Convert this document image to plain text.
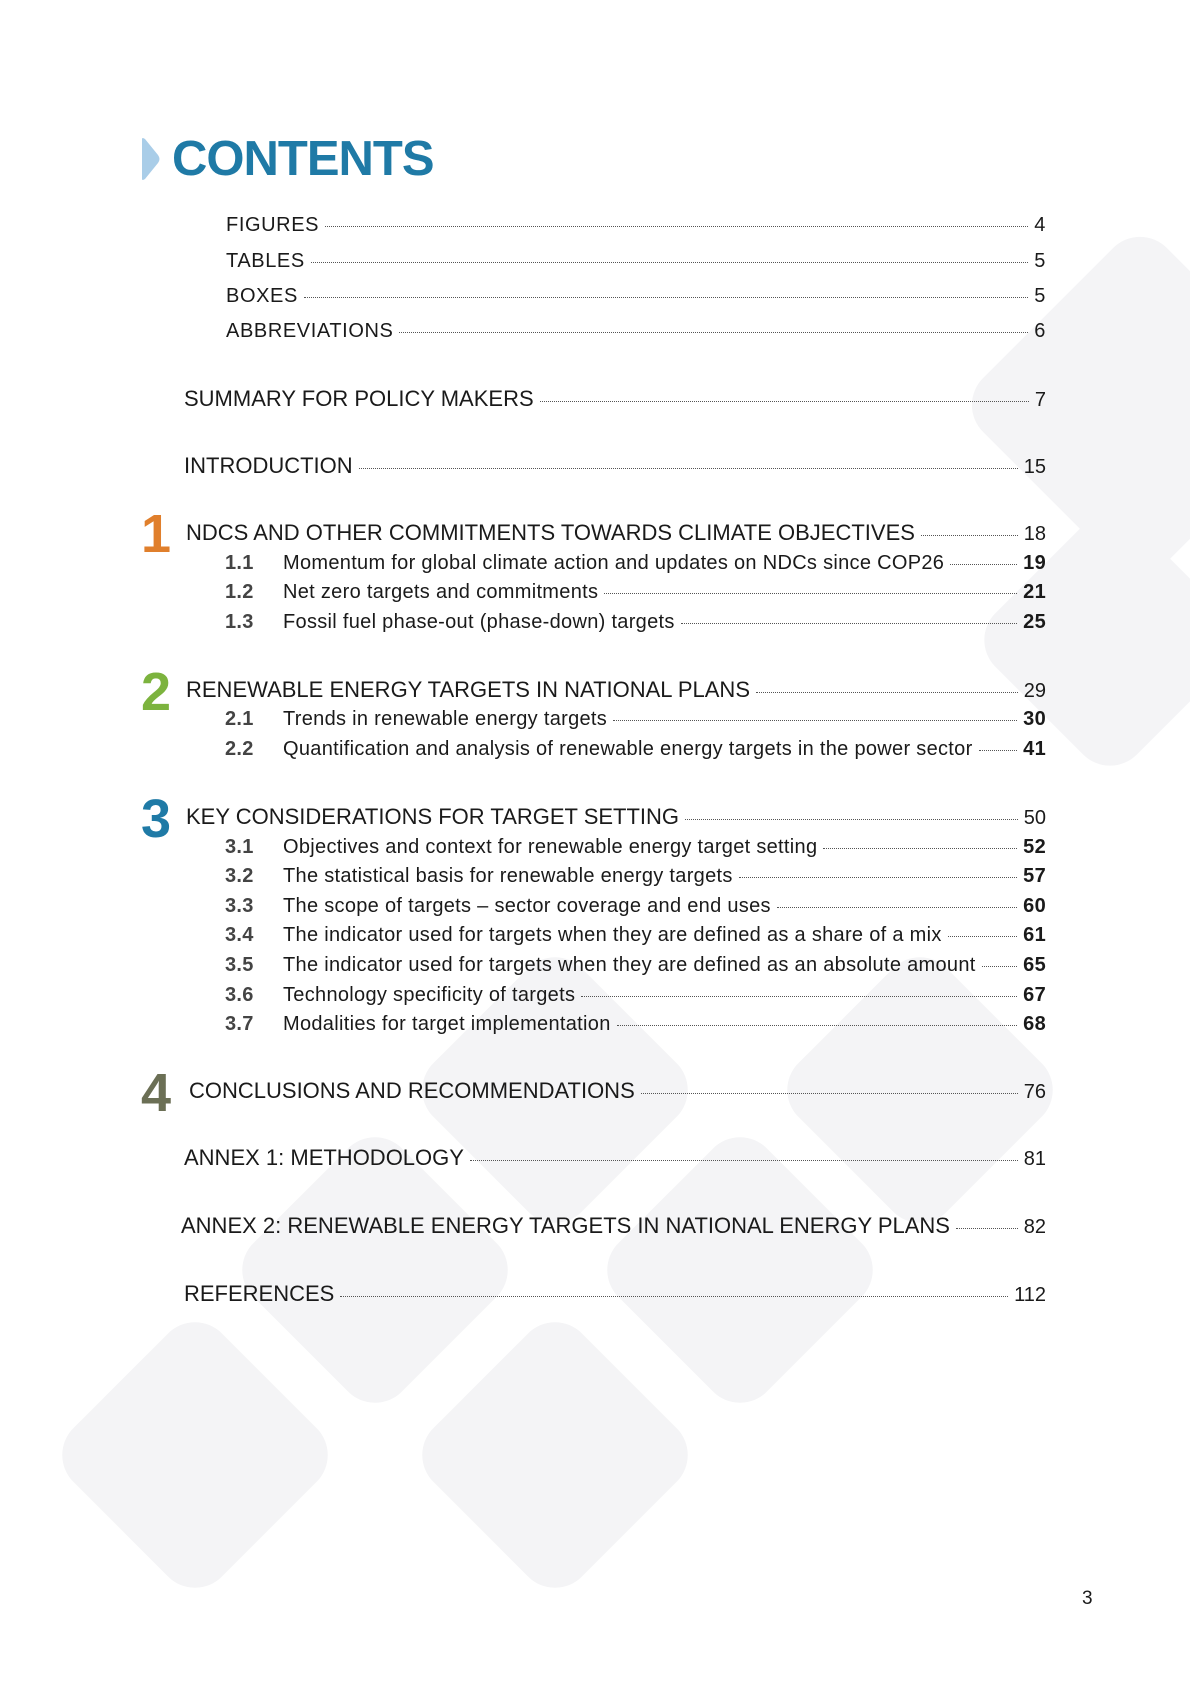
CONTENTS
FIGURES	4
TABLES	5
BOXES	5
ABBREVIATIONS	6
SUMMARY FOR POLICY MAKERS	7
INTRODUCTION	15
1 NDCS AND OTHER COMMITMENTS TOWARDS CLIMATE OBJECTIVES	18
1.1 Momentum for global climate action and updates on NDCs since COP26	19
1.2 Net zero targets and commitments	21
1.3 Fossil fuel phase-out (phase-down) targets	25
2 RENEWABLE ENERGY TARGETS IN NATIONAL PLANS	29
2.1 Trends in renewable energy targets	30
2.2 Quantification and analysis of renewable energy targets in the power sector	41
3 KEY CONSIDERATIONS FOR TARGET SETTING	50
3.1 Objectives and context for renewable energy target setting	52
3.2 The statistical basis for renewable energy targets	57
3.3 The scope of targets – sector coverage and end uses	60
3.4 The indicator used for targets when they are defined as a share of a mix	61
3.5 The indicator used for targets when they are defined as an absolute amount 65
3.6 Technology specificity of targets	67
3.7 Modalities for target implementation	68
4 CONCLUSIONS AND RECOMMENDATIONS	76
ANNEX 1: METHODOLOGY	81
ANNEX 2: RENEWABLE ENERGY TARGETS IN NATIONAL ENERGY PLANS	82
REFERENCES	112
3
